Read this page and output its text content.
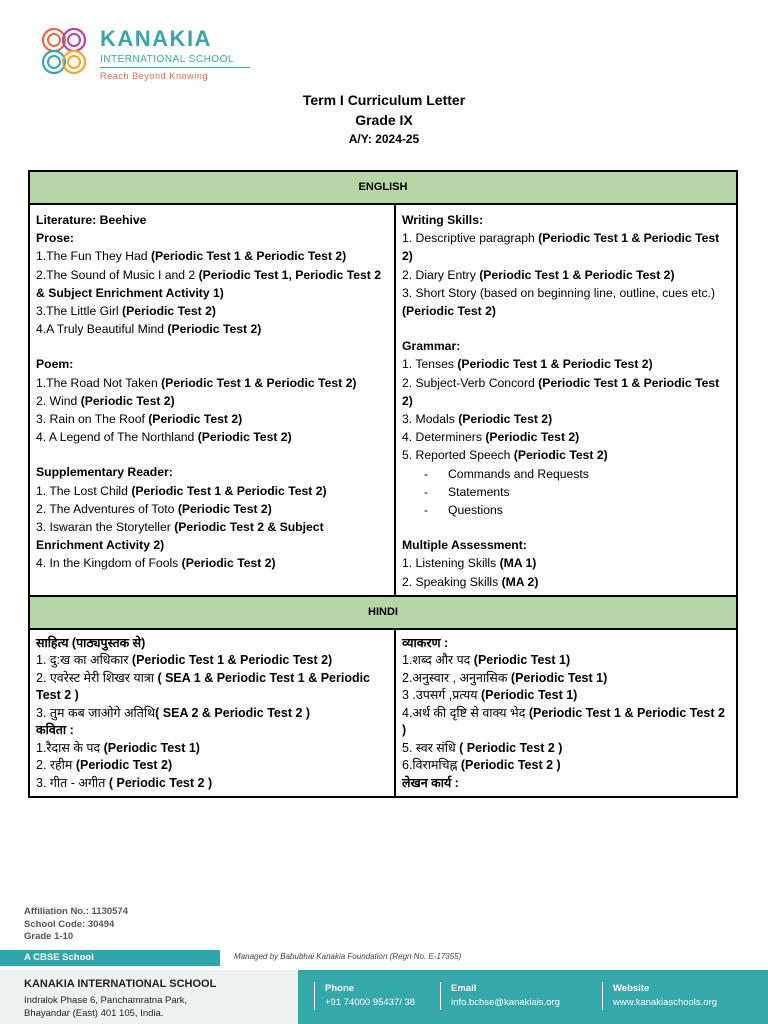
KANAKIA
INTERNATIONAL SCHOOL
Reach Beyond Knowing
Term I Curriculum Letter
Grade IX
A/Y: 2024-25
ENGLISH
Literature: Beehive
Prose:
1.The Fun They Had (Periodic Test 1 & Periodic Test 2)
2.The Sound of Music I and 2 (Periodic Test 1, Periodic Test 2 & Subject Enrichment Activity 1)
3.The Little Girl (Periodic Test 2)
4.A Truly Beautiful Mind (Periodic Test 2)
Poem:
1.The Road Not Taken (Periodic Test 1 & Periodic Test 2)
2. Wind (Periodic Test 2)
3. Rain on The Roof (Periodic Test 2)
4. A Legend of The Northland (Periodic Test 2)
Supplementary Reader:
1. The Lost Child (Periodic Test 1 & Periodic Test 2)
2. The Adventures of Toto (Periodic Test 2)
3. Iswaran the Storyteller (Periodic Test 2 & Subject Enrichment Activity 2)
4. In the Kingdom of Fools (Periodic Test 2)
Writing Skills:
1. Descriptive paragraph (Periodic Test 1 & Periodic Test 2)
2. Diary Entry (Periodic Test 1 & Periodic Test 2)
3. Short Story (based on beginning line, outline, cues etc.) (Periodic Test 2)
Grammar:
1. Tenses (Periodic Test 1 & Periodic Test 2)
2. Subject-Verb Concord (Periodic Test 1 & Periodic Test 2)
3. Modals (Periodic Test 2)
4. Determiners (Periodic Test 2)
5. Reported Speech (Periodic Test 2)
- Commands and Requests
- Statements
- Questions
Multiple Assessment:
1. Listening Skills (MA 1)
2. Speaking Skills (MA 2)
HINDI
साहित्य (पाठ्यपुस्तक से)
1. दु:ख का अधिकार (Periodic Test 1 & Periodic Test 2)
2. एवरेस्ट मेरी शिखर यात्रा ( SEA 1 & Periodic Test 1 & Periodic Test 2 )
3. तुम कब जाओगे अतिथि( SEA 2 & Periodic Test 2 )
कविता :
1.रैदास के पद (Periodic Test 1)
2. रहीम (Periodic Test 2)
3. गीत - अगीत ( Periodic Test 2 )
व्याकरण :
1.शब्द और पद (Periodic Test 1)
2.अनुस्वार , अनुनासिक (Periodic Test 1)
3 .उपसर्ग ,प्रत्यय (Periodic Test 1)
4.अर्थ की दृष्टि से वाक्य भेद (Periodic Test 1 & Periodic Test 2 )
5. स्वर संधि ( Periodic Test 2 )
6.विरामचिह्न (Periodic Test 2 )
लेखन कार्य :
Affiliation No.: 1130574
School Code: 30494
Grade 1-10
A CBSE School	Managed by Babubhai Kanakia Foundation (Regn No. E-17355)
KANAKIA INTERNATIONAL SCHOOL
Indralok Phase 6, Panchamratna Park,
Bhayandar (East) 401 105, India.
Phone
+91 74000 95437/ 38
Email
info.bcbse@kanakiais.org
Website
www.kanakiaschools.org
